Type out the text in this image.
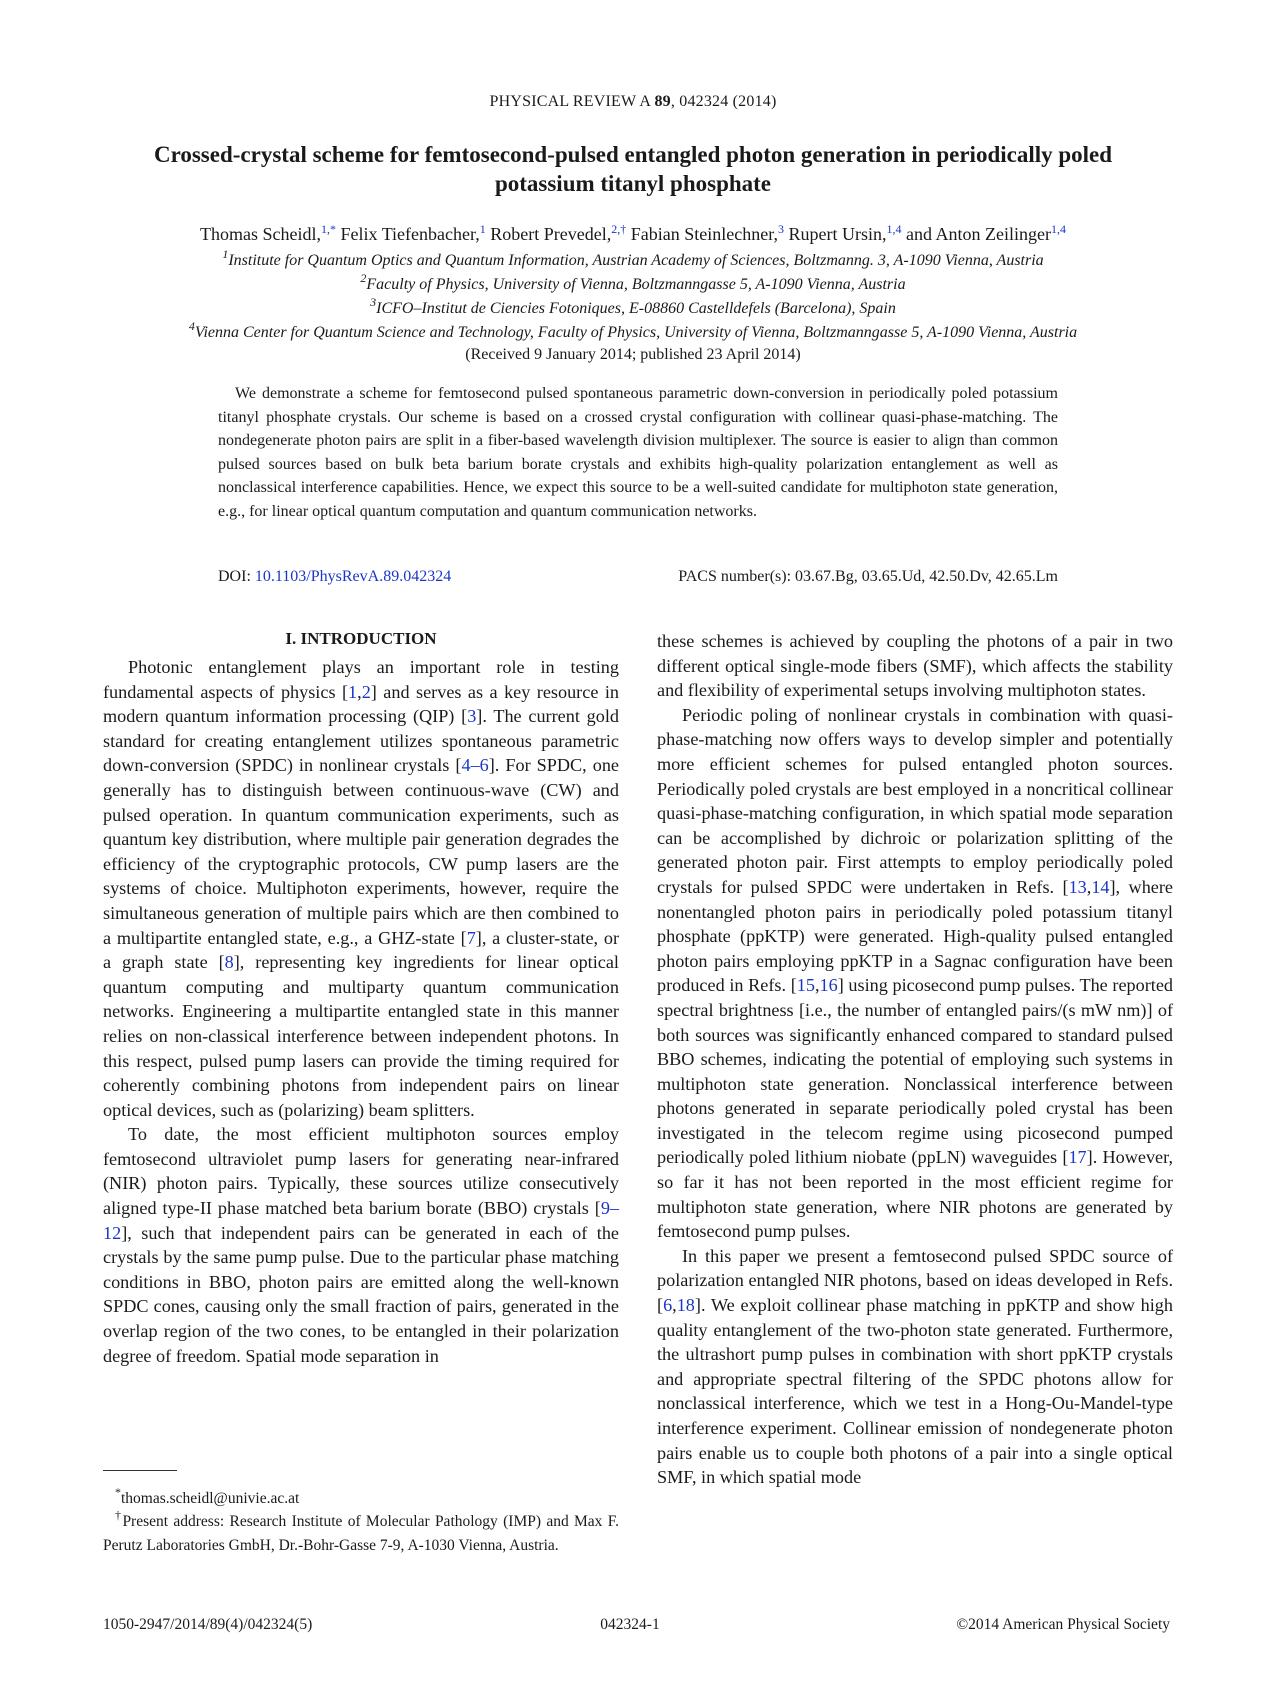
PHYSICAL REVIEW A 89, 042324 (2014)
Crossed-crystal scheme for femtosecond-pulsed entangled photon generation in periodically poled
potassium titanyl phosphate
Thomas Scheidl,$^{1,*}$ Felix Tiefenbacher,$^1$ Robert Prevedel,$^{2,\dagger}$ Fabian Steinlechner,$^3$ Rupert Ursin,$^{1,4}$ and Anton Zeilinger$^{1,4}$
$^1$Institute for Quantum Optics and Quantum Information, Austrian Academy of Sciences, Boltzmanng. 3, A-1090 Vienna, Austria
$^2$Faculty of Physics, University of Vienna, Boltzmanngasse 5, A-1090 Vienna, Austria
$^3$ICFO–Institut de Ciencies Fotoniques, E-08860 Castelldefels (Barcelona), Spain
$^4$Vienna Center for Quantum Science and Technology, Faculty of Physics, University of Vienna, Boltzmanngasse 5, A-1090 Vienna, Austria
(Received 9 January 2014; published 23 April 2014)
We demonstrate a scheme for femtosecond pulsed spontaneous parametric down-conversion in periodically poled potassium titanyl phosphate crystals. Our scheme is based on a crossed crystal configuration with collinear quasi-phase-matching. The nondegenerate photon pairs are split in a fiber-based wavelength division multiplexer. The source is easier to align than common pulsed sources based on bulk beta barium borate crystals and exhibits high-quality polarization entanglement as well as nonclassical interference capabilities. Hence, we expect this source to be a well-suited candidate for multiphoton state generation, e.g., for linear optical quantum computation and quantum communication networks.
DOI: 10.1103/PhysRevA.89.042324	PACS number(s): 03.67.Bg, 03.65.Ud, 42.50.Dv, 42.65.Lm
I. INTRODUCTION

Photonic entanglement plays an important role in testing fundamental aspects of physics [1,2] and serves as a key resource in modern quantum information processing (QIP) [3]. The current gold standard for creating entanglement utilizes spontaneous parametric down-conversion (SPDC) in nonlinear crystals [4–6]. For SPDC, one generally has to distinguish between continuous-wave (CW) and pulsed operation. In quantum communication experiments, such as quantum key distribution, where multiple pair generation degrades the efficiency of the cryptographic protocols, CW pump lasers are the systems of choice. Multiphoton experiments, however, require the simultaneous generation of multiple pairs which are then combined to a multipartite entangled state, e.g., a GHZ-state [7], a cluster-state, or a graph state [8], representing key ingredients for linear optical quantum computing and multiparty quantum communication networks. Engineering a multipartite entangled state in this manner relies on non-classical interference between independent photons. In this respect, pulsed pump lasers can provide the timing required for coherently combining photons from independent pairs on linear optical devices, such as (polarizing) beam splitters.

To date, the most efficient multiphoton sources employ femtosecond ultraviolet pump lasers for generating near-infrared (NIR) photon pairs. Typically, these sources utilize consecutively aligned type-II phase matched beta barium borate (BBO) crystals [9–12], such that independent pairs can be generated in each of the crystals by the same pump pulse. Due to the particular phase matching conditions in BBO, photon pairs are emitted along the well-known SPDC cones, causing only the small fraction of pairs, generated in the overlap region of the two cones, to be entangled in their polarization degree of freedom. Spatial mode separation in

these schemes is achieved by coupling the photons of a pair in two different optical single-mode fibers (SMF), which affects the stability and flexibility of experimental setups involving multiphoton states.

Periodic poling of nonlinear crystals in combination with quasi-phase-matching now offers ways to develop simpler and potentially more efficient schemes for pulsed entangled photon sources. Periodically poled crystals are best employed in a noncritical collinear quasi-phase-matching configuration, in which spatial mode separation can be accomplished by dichroic or polarization splitting of the generated photon pair. First attempts to employ periodically poled crystals for pulsed SPDC were undertaken in Refs. [13,14], where nonentangled photon pairs in periodically poled potassium titanyl phosphate (ppKTP) were generated. High-quality pulsed entangled photon pairs employing ppKTP in a Sagnac configuration have been produced in Refs. [15,16] using picosecond pump pulses. The reported spectral brightness [i.e., the number of entangled pairs/(s mW nm)] of both sources was significantly enhanced compared to standard pulsed BBO schemes, indicating the potential of employing such systems in multiphoton state generation. Nonclassical interference between photons generated in separate periodically poled crystal has been investigated in the telecom regime using picosecond pumped periodically poled lithium niobate (ppLN) waveguides [17]. However, so far it has not been reported in the most efficient regime for multiphoton state generation, where NIR photons are generated by femtosecond pump pulses.

In this paper we present a femtosecond pulsed SPDC source of polarization entangled NIR photons, based on ideas developed in Refs. [6,18]. We exploit collinear phase matching in ppKTP and show high quality entanglement of the two-photon state generated. Furthermore, the ultrashort pump pulses in combination with short ppKTP crystals and appropriate spectral filtering of the SPDC photons allow for nonclassical interference, which we test in a Hong-Ou-Mandel-type interference experiment. Collinear emission of nondegenerate photon pairs enable us to couple both photons of a pair into a single optical SMF, in which spatial mode

*thomas.scheidl@univie.ac.at

†Present address: Research Institute of Molecular Pathology (IMP) and Max F. Perutz Laboratories GmbH, Dr.-Bohr-Gasse 7-9, A-1030 Vienna, Austria.

1050-2947/2014/89(4)/042324(5)	042324-1	©2014 American Physical Society
